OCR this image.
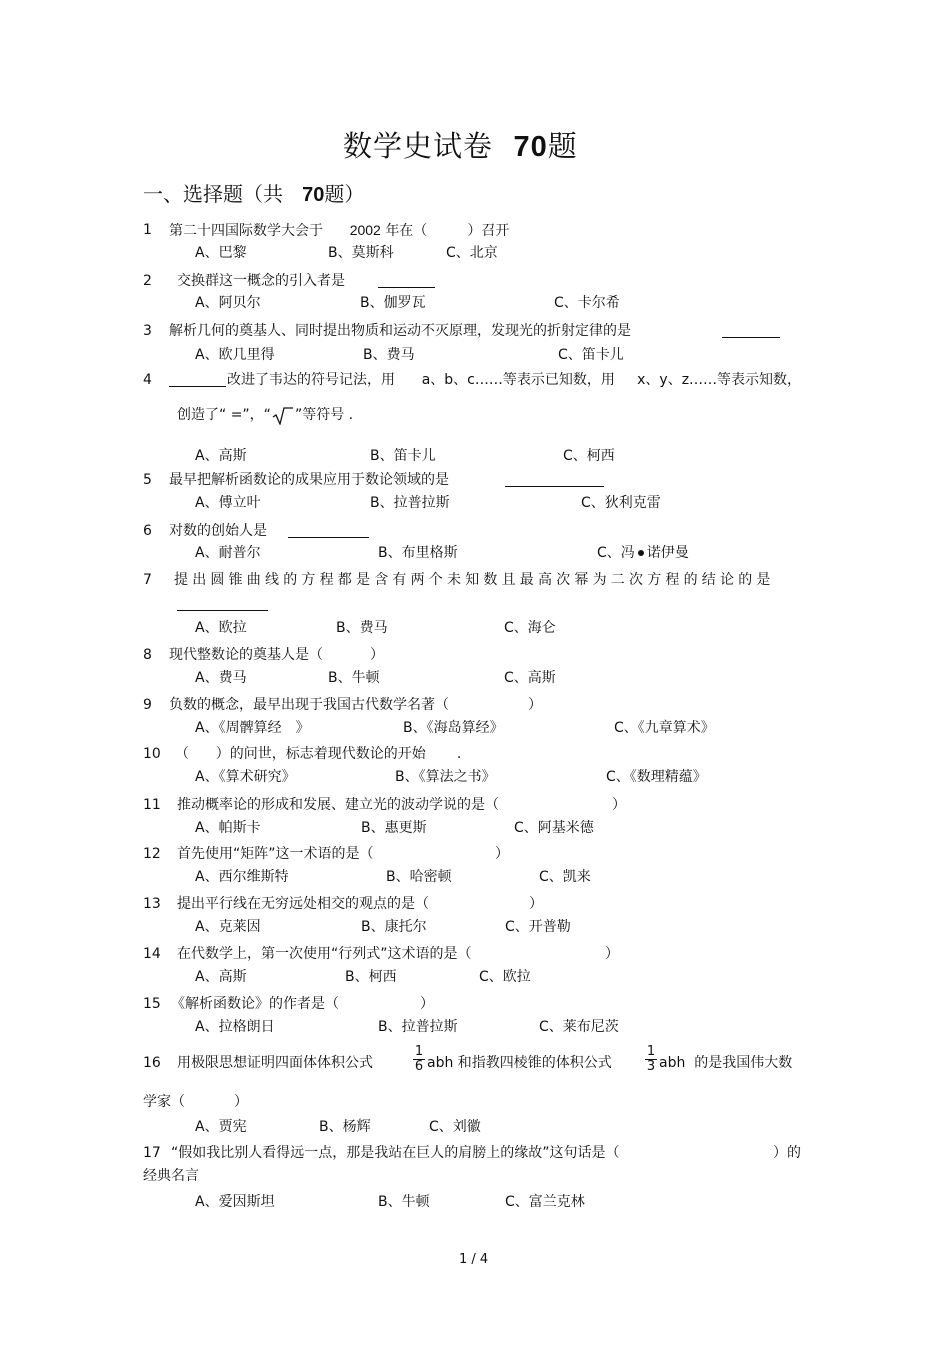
数学史试卷 70题
一、选择题（共 70题）
1 第二十四国际数学大会于 2002 年在（	）召开
A、巴黎	B、莫斯科	C、北京
2 交换群这一概念的引入者是
A、阿贝尔	B、伽罗瓦	C、卡尔希
3 解析几何的奠基人、同时提出物质和运动不灭原理，发现光的折射定律的是
A、欧几里得	B、费马	C、笛卡儿
4	改进了韦达的符号记法，用 a、b、c……等表示已知数，用 x、y、z……等表示知数，
创造了“ =”，“ ”等符号 .
A、高斯	B、笛卡儿	C、柯西
5 最早把解析函数论的成果应用于数论领域的是
A、傅立叶	B、拉普拉斯	C、狄利克雷
6 对数的创始人是
A、耐普尔	B、布里格斯	C、冯 诺伊曼
7 提出圆锥曲线的方程都是含有两个未知数且最高次幂为二次方程的结论的是
A、欧拉	B、费马	C、海仑
8 现代整数论的奠基人是（	）
A、费马	B、牛顿	C、高斯
9 负数的概念，最早出现于我国古代数学名著（	）
A、《周髀算经　》	B、《海岛算经》	C、《九章算术》
10 （ ）的问世，标志着现代数论的开始 .
A、《算术研究》	B、《算法之书》	C、《数理精蕴》
11 推动概率论的形成和发展、建立光的波动学说的是（	）
A、帕斯卡	B、惠更斯	C、阿基米德
12 首先使用“矩阵”这一术语的是（	）
A、西尔维斯特	B、哈密顿	C、凯来
13 提出平行线在无穷远处相交的观点的是（	）
A、克莱因	B、康托尔	C、开普勒
14 在代数学上，第一次使用“行列式”这术语的是（	）
A、高斯	B、柯西	C、欧拉
15 《解析函数论》的作者是（	）
A、拉格朗日	B、拉普拉斯	C、莱布尼茨
16 用极限思想证明四面体体积公式	$\frac{1}{6}$ abh 和指教四棱锥的体积公式	$\frac{1}{3}$ abh 的是我国伟大数
学家（	）
A、贾宪	B、杨辉	C、刘徽
17 “假如我比别人看得远一点，那是我站在巨人的肩膀上的缘故”这句话是（	）的
经典名言
A、爱因斯坦	B、牛顿	C、富兰克林
1 / 4
